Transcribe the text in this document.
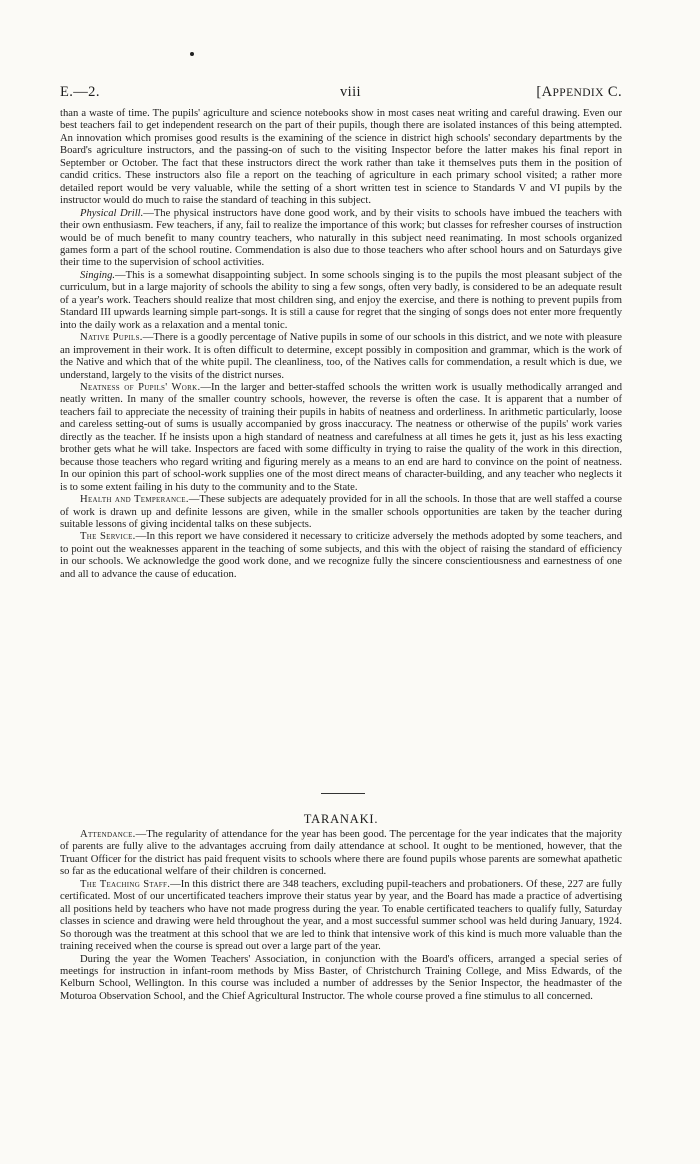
E.—2.	viii	[APPENDIX C.

than a waste of time. The pupils' agriculture and science notebooks show in most cases neat writing and careful drawing. Even our best teachers fail to get independent research on the part of their pupils, though there are isolated instances of this being attempted. An innovation which promises good results is the examining of the science in district high schools' secondary departments by the Board's agriculture instructors, and the passing-on of such to the visiting Inspector before the latter makes his final report in September or October. The fact that these instructors direct the work rather than take it themselves puts them in the position of candid critics. These instructors also file a report on the teaching of agriculture in each primary school visited; a rather more detailed report would be very valuable, while the setting of a short written test in science to Standards V and VI pupils by the instructor would do much to raise the standard of teaching in this subject.

Physical Drill.—The physical instructors have done good work, and by their visits to schools have imbued the teachers with their own enthusiasm. Few teachers, if any, fail to realize the importance of this work; but classes for refresher courses of instruction would be of much benefit to many country teachers, who naturally in this subject need reanimating. In most schools organized games form a part of the school routine. Commendation is also due to those teachers who after school hours and on Saturdays give their time to the supervision of school activities.

Singing.—This is a somewhat disappointing subject. In some schools singing is to the pupils the most pleasant subject of the curriculum, but in a large majority of schools the ability to sing a few songs, often very badly, is considered to be an adequate result of a year's work. Teachers should realize that most children sing, and enjoy the exercise, and there is nothing to prevent pupils from Standard III upwards learning simple part-songs. It is still a cause for regret that the singing of songs does not enter more frequently into the daily work as a relaxation and a mental tonic.

Native Pupils.—There is a goodly percentage of Native pupils in some of our schools in this district, and we note with pleasure an improvement in their work. It is often difficult to determine, except possibly in composition and grammar, which is the work of the Native and which that of the white pupil. The cleanliness, too, of the Natives calls for commendation, a result which is due, we understand, largely to the visits of the district nurses.

Neatness of Pupils' Work.—In the larger and better-staffed schools the written work is usually methodically arranged and neatly written. In many of the smaller country schools, however, the reverse is often the case. It is apparent that a number of teachers fail to appreciate the necessity of training their pupils in habits of neatness and orderliness. In arithmetic particularly, loose and careless setting-out of sums is usually accompanied by gross inaccuracy. The neatness or otherwise of the pupils' work varies directly as the teacher. If he insists upon a high standard of neatness and carefulness at all times he gets it, just as his less exacting brother gets what he will take. Inspectors are faced with some difficulty in trying to raise the quality of the work in this direction, because those teachers who regard writing and figuring merely as a means to an end are hard to convince on the point of neatness. In our opinion this part of school-work supplies one of the most direct means of character-building, and any teacher who neglects it is to some extent failing in his duty to the community and to the State.

Health and Temperance.—These subjects are adequately provided for in all the schools. In those that are well staffed a course of work is drawn up and definite lessons are given, while in the smaller schools opportunities are taken by the teacher during suitable lessons of giving incidental talks on these subjects.

The Service.—In this report we have considered it necessary to criticize adversely the methods adopted by some teachers, and to point out the weaknesses apparent in the teaching of some subjects, and this with the object of raising the standard of efficiency in our schools. We acknowledge the good work done, and we recognize fully the sincere conscientiousness and earnestness of one and all to advance the cause of education.

TARANAKI.

Attendance.—The regularity of attendance for the year has been good. The percentage for the year indicates that the majority of parents are fully alive to the advantages accruing from daily attendance at school. It ought to be mentioned, however, that the Truant Officer for the district has paid frequent visits to schools where there are found pupils whose parents are somewhat apathetic so far as the educational welfare of their children is concerned.

The Teaching Staff.—In this district there are 348 teachers, excluding pupil-teachers and probationers. Of these, 227 are fully certificated. Most of our uncertificated teachers improve their status year by year, and the Board has made a practice of advertising all positions held by teachers who have not made progress during the year. To enable certificated teachers to qualify fully, Saturday classes in science and drawing were held throughout the year, and a most successful summer school was held during January, 1924. So thorough was the treatment at this school that we are led to think that intensive work of this kind is much more valuable than the training received when the course is spread out over a large part of the year.

During the year the Women Teachers' Association, in conjunction with the Board's officers, arranged a special series of meetings for instruction in infant-room methods by Miss Baster, of Christchurch Training College, and Miss Edwards, of the Kelburn School, Wellington. In this course was included a number of addresses by the Senior Inspector, the headmaster of the Moturoa Observation School, and the Chief Agricultural Instructor. The whole course proved a fine stimulus to all concerned.
